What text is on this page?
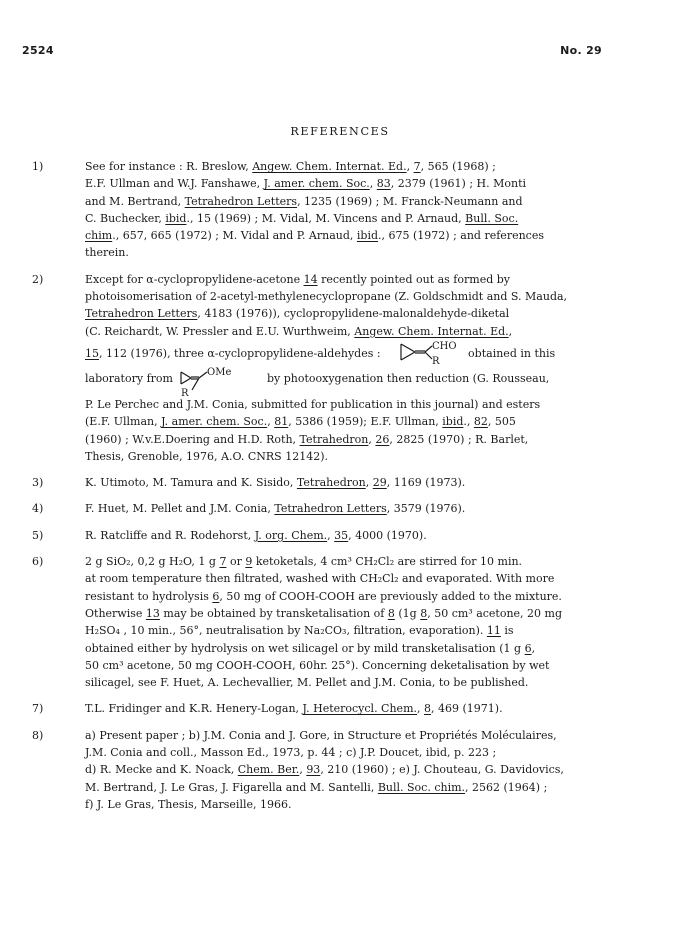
2524	No. 29
REFERENCES
1)	See for instance : R. Breslow, Angew. Chem. Internat. Ed., 7, 565 (1968) ;
E.F. Ullman and W.J. Fanshawe, J. amer. chem. Soc., 83, 2379 (1961) ; H. Monti
and M. Bertrand, Tetrahedron Letters, 1235 (1969) ; M. Franck-Neumann and
C. Buchecker, ibid., 15 (1969) ; M. Vidal, M. Vincens and P. Arnaud, Bull. Soc.
chim., 657, 665 (1972) ; M. Vidal and P. Arnaud, ibid., 675 (1972) ; and references
therein.
2)	Except for α-cyclopropylidene-acetone 14 recently pointed out as formed by
photoisomerisation of 2-acetyl-methylenecyclopropane (Z. Goldschmidt and S. Mauda,
Tetrahedron Letters, 4183 (1976)), cyclopropylidene-malonaldehyde-diketal
(C. Reichardt, W. Pressler and E.U. Wurthweim, Angew. Chem. Internat. Ed.,
15, 112 (1976), three α-cyclopropylidene-aldehydes :
CHO
R
obtained in this
laboratory from	OMe
R
by photooxygenation then reduction (G. Rousseau,
P. Le Perchec and J.M. Conia, submitted for publication in this journal) and esters
(E.F. Ullman, J. amer. chem. Soc., 81, 5386 (1959); E.F. Ullman, ibid., 82, 505
(1960) ; W.v.E.Doering and H.D. Roth, Tetrahedron, 26, 2825 (1970) ; R. Barlet,
Thesis, Grenoble, 1976, A.O. CNRS 12142).
3)	K. Utimoto, M. Tamura and K. Sisido, Tetrahedron, 29, 1169 (1973).
4)	F. Huet, M. Pellet and J.M. Conia, Tetrahedron Letters, 3579 (1976).
5)	R. Ratcliffe and R. Rodehorst, J. org. Chem., 35, 4000 (1970).
6)	2 g SiO₂, 0,2 g H₂O, 1 g 7 or 9 ketoketals, 4 cm³ CH₂Cl₂ are stirred for 10 min.
at room temperature then filtrated, washed with CH₂Cl₂ and evaporated. With more
resistant to hydrolysis 6, 50 mg of COOH-COOH are previously added to the mixture.
Otherwise 13 may be obtained by transketalisation of 8 (1g 8, 50 cm³ acetone, 20 mg
H₂SO₄ , 10 min., 56°, neutralisation by Na₂CO₃, filtration, evaporation). 11 is
obtained either by hydrolysis on wet silicagel or by mild transketalisation (1 g 6,
50 cm³ acetone, 50 mg COOH-COOH, 60hr. 25°). Concerning deketalisation by wet
silicagel, see F. Huet, A. Lechevallier, M. Pellet and J.M. Conia, to be published.
7)	T.L. Fridinger and K.R. Henery-Logan, J. Heterocycl. Chem., 8, 469 (1971).
8)	a) Present paper ; b) J.M. Conia and J. Gore, in Structure et Propriétés Moléculaires,
J.M. Conia and coll., Masson Ed., 1973, p. 44 ; c) J.P. Doucet, ibid, p. 223 ;
d) R. Mecke and K. Noack, Chem. Ber., 93, 210 (1960) ; e) J. Chouteau, G. Davidovics,
M. Bertrand, J. Le Gras, J. Figarella and M. Santelli, Bull. Soc. chim., 2562 (1964) ;
f) J. Le Gras, Thesis, Marseille, 1966.
